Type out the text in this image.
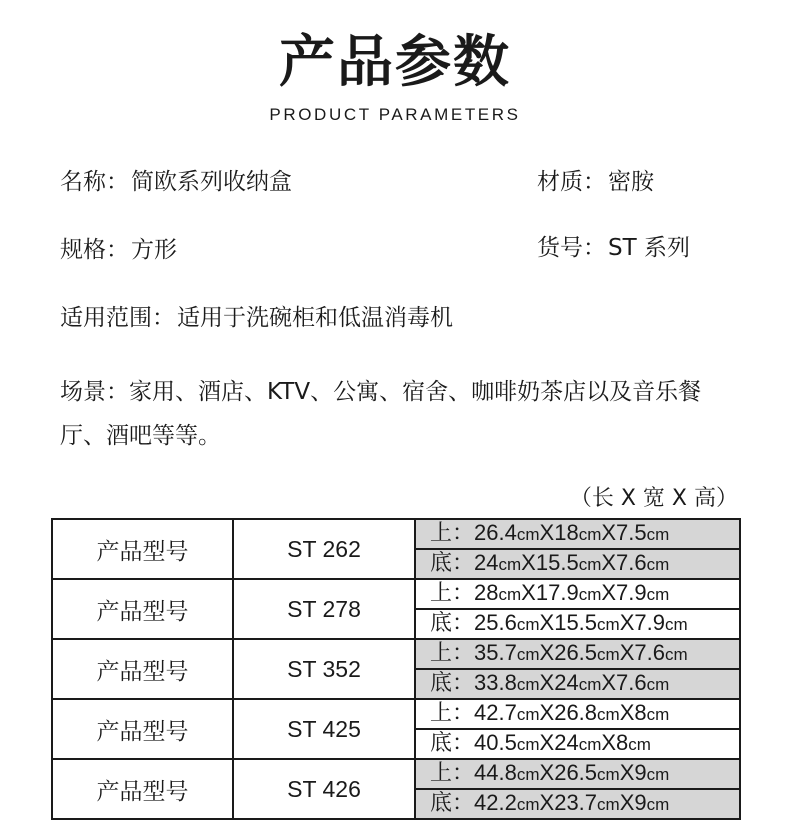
产品参数
PRODUCT PARAMETERS
名称：简欧系列收纳盒	材质：密胺
规格：方形	货号：ST 系列
适用范围：适用于洗碗柜和低温消毒机
场景：家用、酒店、KTV、公寓、宿舍、咖啡奶茶店以及音乐餐厅、酒吧等等。
（长 X 宽 X 高）
产品型号	ST 262	上：26.4cmX18cmX7.5cm
		底：24cmX15.5cmX7.6cm
产品型号	ST 278	上：28cmX17.9cmX7.9cm
		底：25.6cmX15.5cmX7.9cm
产品型号	ST 352	上：35.7cmX26.5cmX7.6cm
		底：33.8cmX24cmX7.6cm
产品型号	ST 425	上：42.7cmX26.8cmX8cm
		底：40.5cmX24cmX8cm
产品型号	ST 426	上：44.8cmX26.5cmX9cm
		底：42.2cmX23.7cmX9cm
